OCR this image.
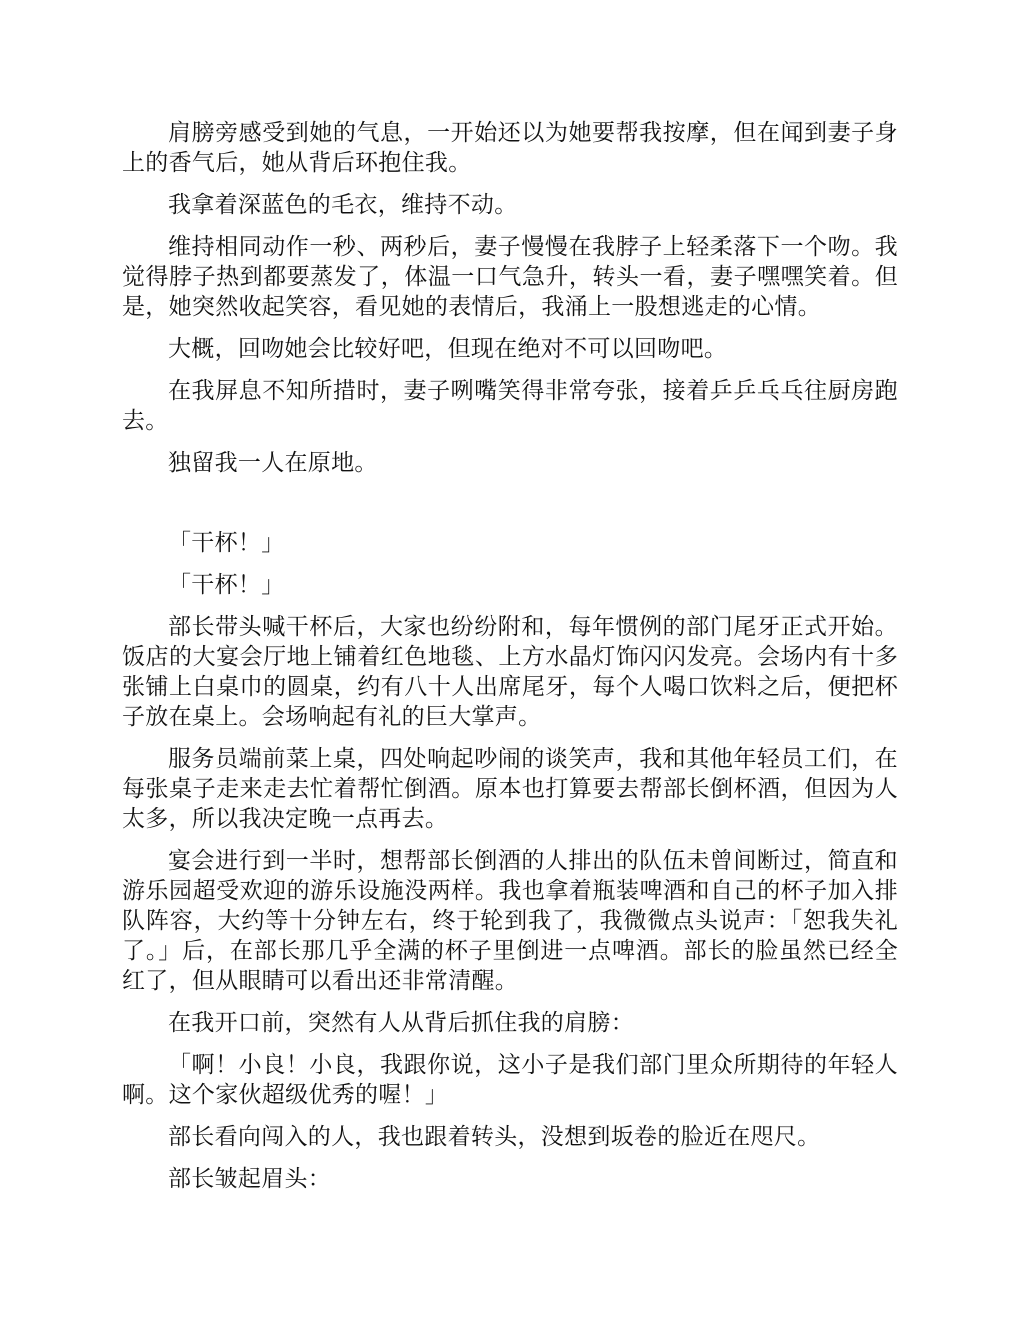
肩膀旁感受到她的气息，一开始还以为她要帮我按摩，但在闻到妻子身上的香气后，她从背后环抱住我。

我拿着深蓝色的毛衣，维持不动。

维持相同动作一秒、两秒后，妻子慢慢在我脖子上轻柔落下一个吻。我觉得脖子热到都要蒸发了，体温一口气急升，转头一看，妻子嘿嘿笑着。但是，她突然收起笑容，看见她的表情后，我涌上一股想逃走的心情。

大概，回吻她会比较好吧，但现在绝对不可以回吻吧。

在我屏息不知所措时，妻子咧嘴笑得非常夸张，接着乒乒乓乓往厨房跑去。

独留我一人在原地。

「干杯！」

「干杯！」

部长带头喊干杯后，大家也纷纷附和，每年惯例的部门尾牙正式开始。饭店的大宴会厅地上铺着红色地毯、上方水晶灯饰闪闪发亮。会场内有十多张铺上白桌巾的圆桌，约有八十人出席尾牙，每个人喝口饮料之后，便把杯子放在桌上。会场响起有礼的巨大掌声。

服务员端前菜上桌，四处响起吵闹的谈笑声，我和其他年轻员工们，在每张桌子走来走去忙着帮忙倒酒。原本也打算要去帮部长倒杯酒，但因为人太多，所以我决定晚一点再去。

宴会进行到一半时，想帮部长倒酒的人排出的队伍未曾间断过，简直和游乐园超受欢迎的游乐设施没两样。我也拿着瓶装啤酒和自己的杯子加入排队阵容，大约等十分钟左右，终于轮到我了，我微微点头说声：「恕我失礼了。」后，在部长那几乎全满的杯子里倒进一点啤酒。部长的脸虽然已经全红了，但从眼睛可以看出还非常清醒。

在我开口前，突然有人从背后抓住我的肩膀：

「啊！小良！小良，我跟你说，这小子是我们部门里众所期待的年轻人啊。这个家伙超级优秀的喔！」

部长看向闯入的人，我也跟着转头，没想到坂卷的脸近在咫尺。

部长皱起眉头：
